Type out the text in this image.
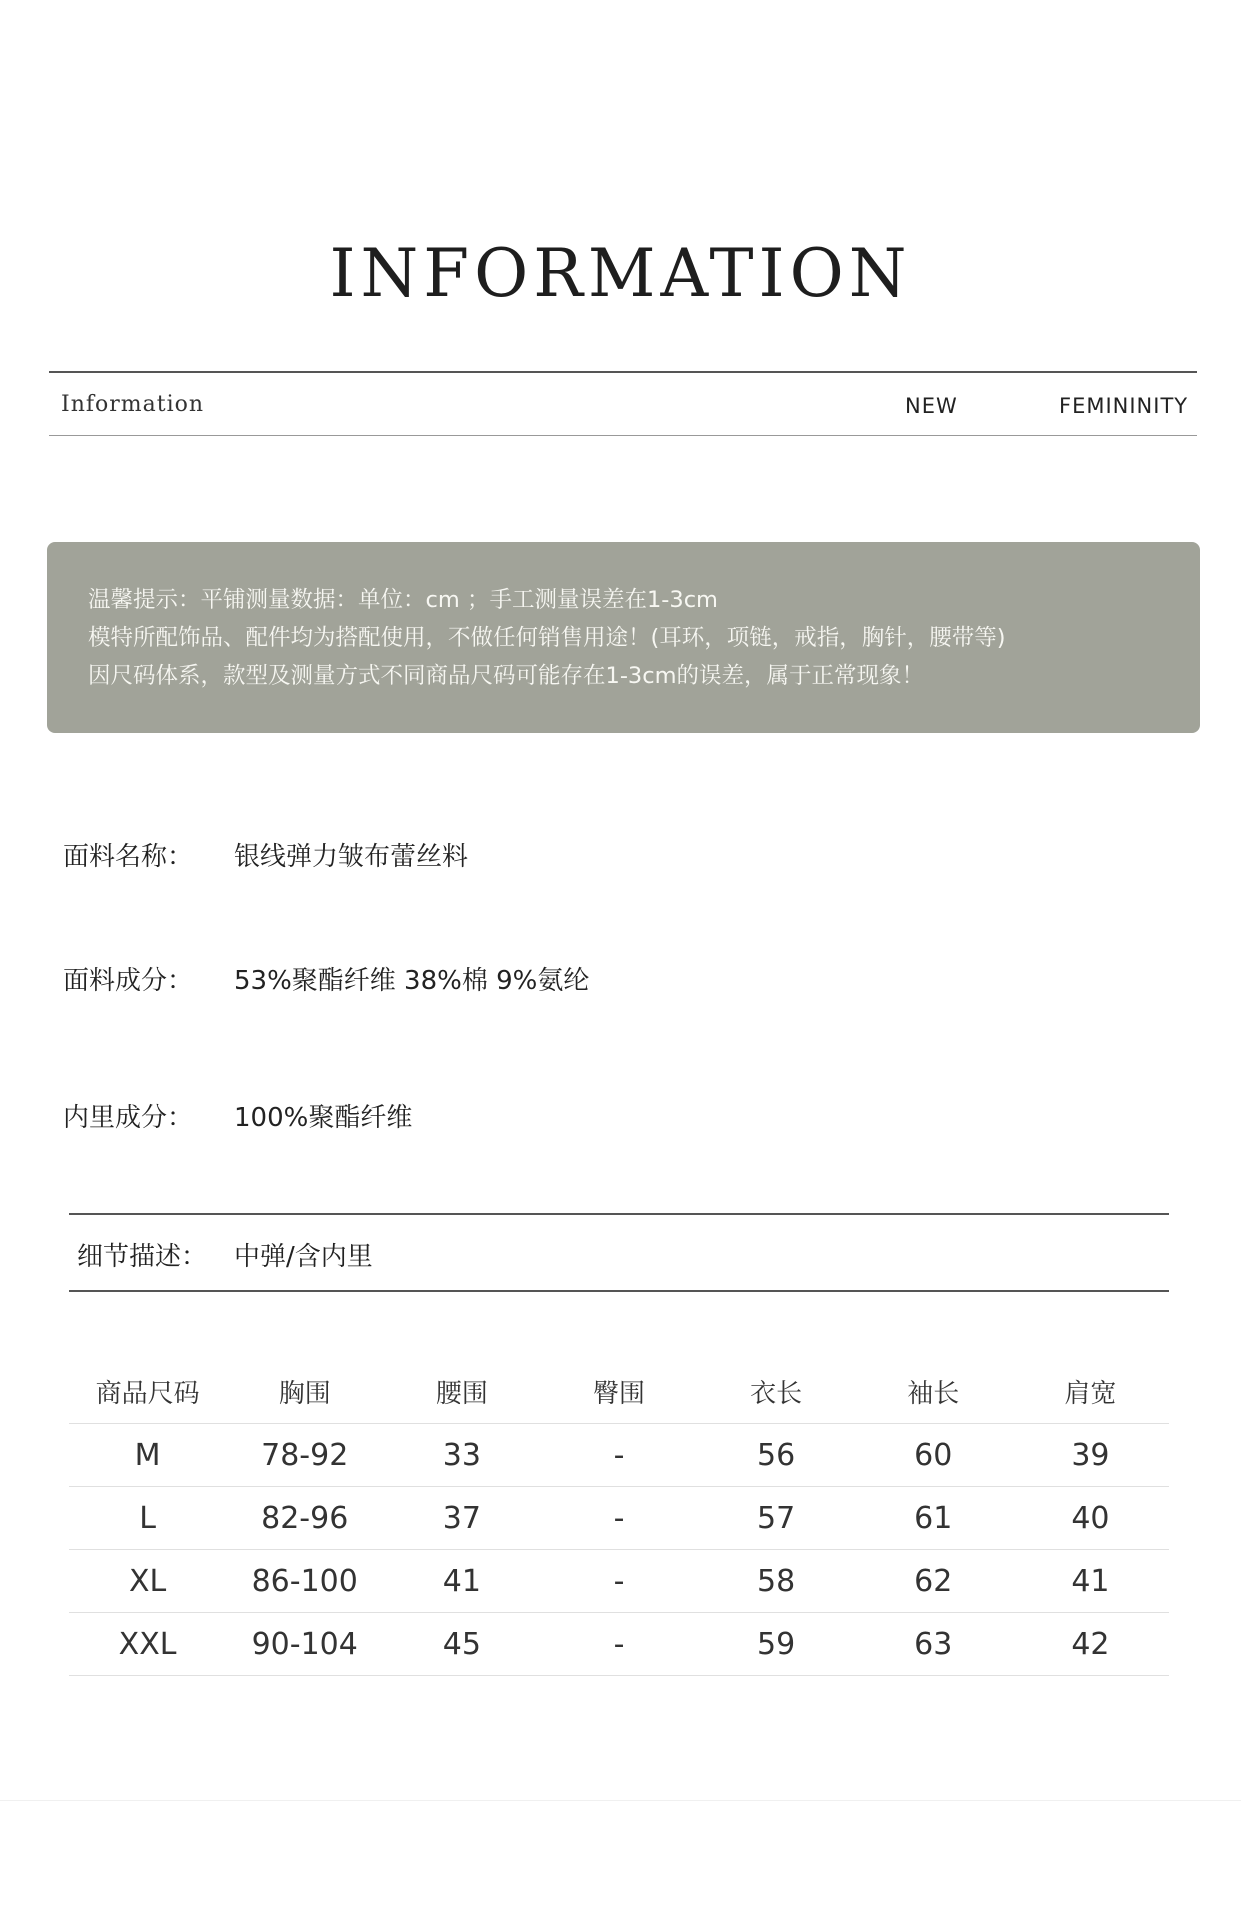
INFORMATION
Information	NEW	FEMININITY
温馨提示：平铺测量数据：单位：cm ；手工测量误差在1-3cm
模特所配饰品、配件均为搭配使用，不做任何销售用途！(耳环，项链，戒指，胸针，腰带等)
因尺码体系，款型及测量方式不同商品尺码可能存在1-3cm的误差，属于正常现象！
面料名称： 银线弹力皱布蕾丝料
面料成分： 53%聚酯纤维 38%棉 9%氨纶
内里成分： 100%聚酯纤维
细节描述： 中弹/含内里
商品尺码	胸围	腰围	臀围	衣长	袖长	肩宽
M	78-92	33	-	56	60	39
L	82-96	37	-	57	61	40
XL	86-100	41	-	58	62	41
XXL	90-104	45	-	59	63	42
